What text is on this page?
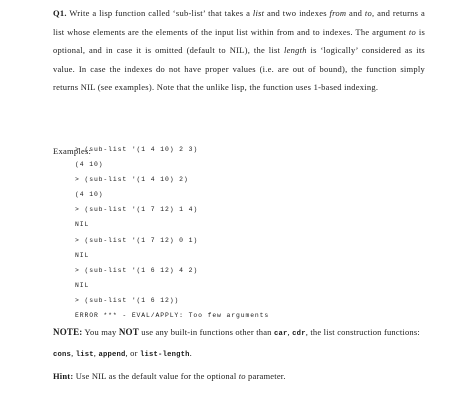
Q1. Write a lisp function called ‘sub-list’ that takes a list and two indexes from and to, and returns a list whose elements are the elements of the input list within from and to indexes. The argument to is optional, and in case it is omitted (default to NIL), the list length is ‘logically’ considered as its value. In case the indexes do not have proper values (i.e. are out of bound), the function simply returns NIL (see examples). Note that the unlike lisp, the function uses 1-based indexing.
Examples:
> (sub-list '(1 4 10) 2 3)
(4 10)
> (sub-list '(1 4 10) 2)
(4 10)
> (sub-list '(1 7 12) 1 4)
NIL
> (sub-list '(1 7 12) 0 1)
NIL
> (sub-list '(1 6 12) 4 2)
NIL
> (sub-list '(1 6 12))
ERROR *** - EVAL/APPLY: Too few arguments
NOTE: You may NOT use any built-in functions other than car, cdr, the list construction functions: cons, list, append, or list-length.
Hint: Use NIL as the default value for the optional to parameter.
